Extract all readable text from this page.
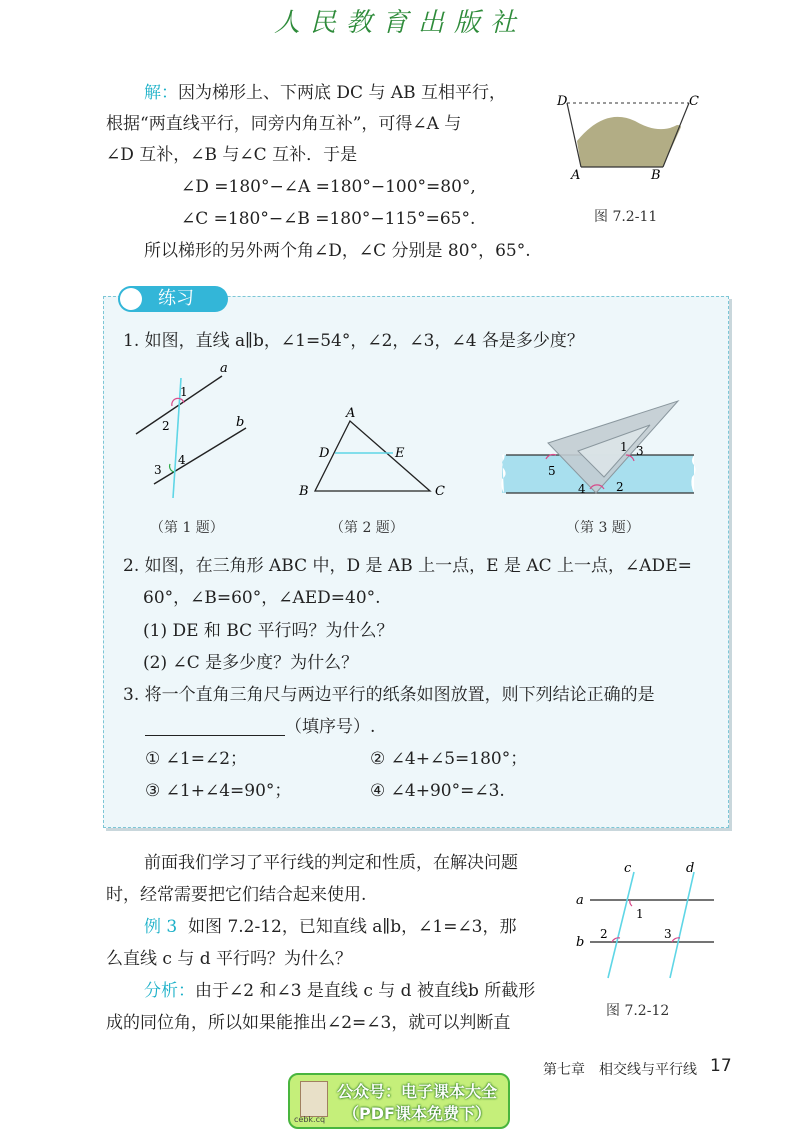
人民教育出版社
解：因为梯形上、下两底 DC 与 AB 互相平行，
根据“两直线平行，同旁内角互补”，可得∠A 与
∠D 互补，∠B 与∠C 互补．于是
∠D =180°−∠A =180°−100°=80°,
∠C =180°−∠B =180°−115°=65°.
所以梯形的另外两个角∠D，∠C 分别是 80°，65°.
D	C
A	B
图 7.2-11
练习
1. 如图，直线 a∥b，∠1=54°，∠2，∠3，∠4 各是多少度？
a
b
1
2
3
4
（第 1 题）
A
D	E
B	C
（第 2 题）
1
2
3
4
5
（第 3 题）
2. 如图，在三角形 ABC 中，D 是 AB 上一点，E 是 AC 上一点，∠ADE=
60°，∠B=60°，∠AED=40°.
(1) DE 和 BC 平行吗？为什么？
(2) ∠C 是多少度？为什么？
3. 将一个直角三角尺与两边平行的纸条如图放置，则下列结论正确的是
（填序号）.
① ∠1=∠2；	② ∠4+∠5=180°；
③ ∠1+∠4=90°；	④ ∠4+90°=∠3.
前面我们学习了平行线的判定和性质，在解决问题
时，经常需要把它们结合起来使用.
例 3 如图 7.2-12，已知直线 a∥b，∠1=∠3，那
么直线 c 与 d 平行吗？为什么？
分析：由于∠2 和∠3 是直线 c 与 d 被直线b 所截形
成的同位角，所以如果能推出∠2=∠3，就可以判断直
c	d
a
b
1
2	3
图 7.2-12
第七章　相交线与平行线 17
cebk.cq
公众号：电子课本大全
（PDF课本免费下）
